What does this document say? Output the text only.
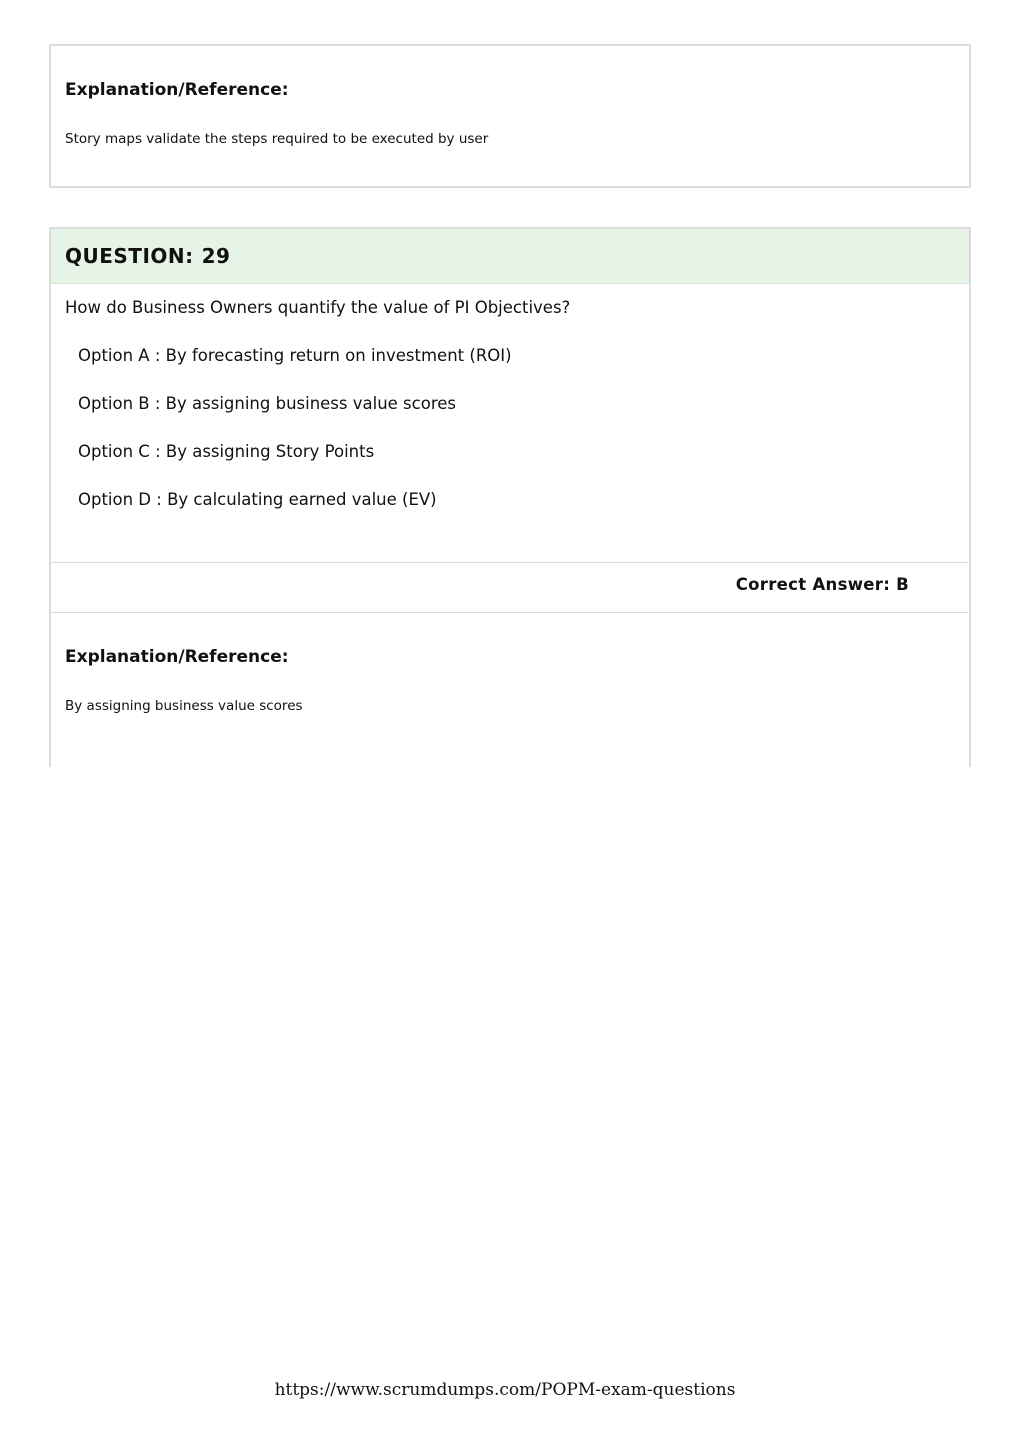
Explanation/Reference:

Story maps validate the steps required to be executed by user

QUESTION: 29

How do Business Owners quantify the value of PI Objectives?

Option A : By forecasting return on investment (ROI)
Option B : By assigning business value scores
Option C : By assigning Story Points
Option D : By calculating earned value (EV)

Correct Answer: B

Explanation/Reference:

By assigning business value scores

https://www.scrumdumps.com/POPM-exam-questions
